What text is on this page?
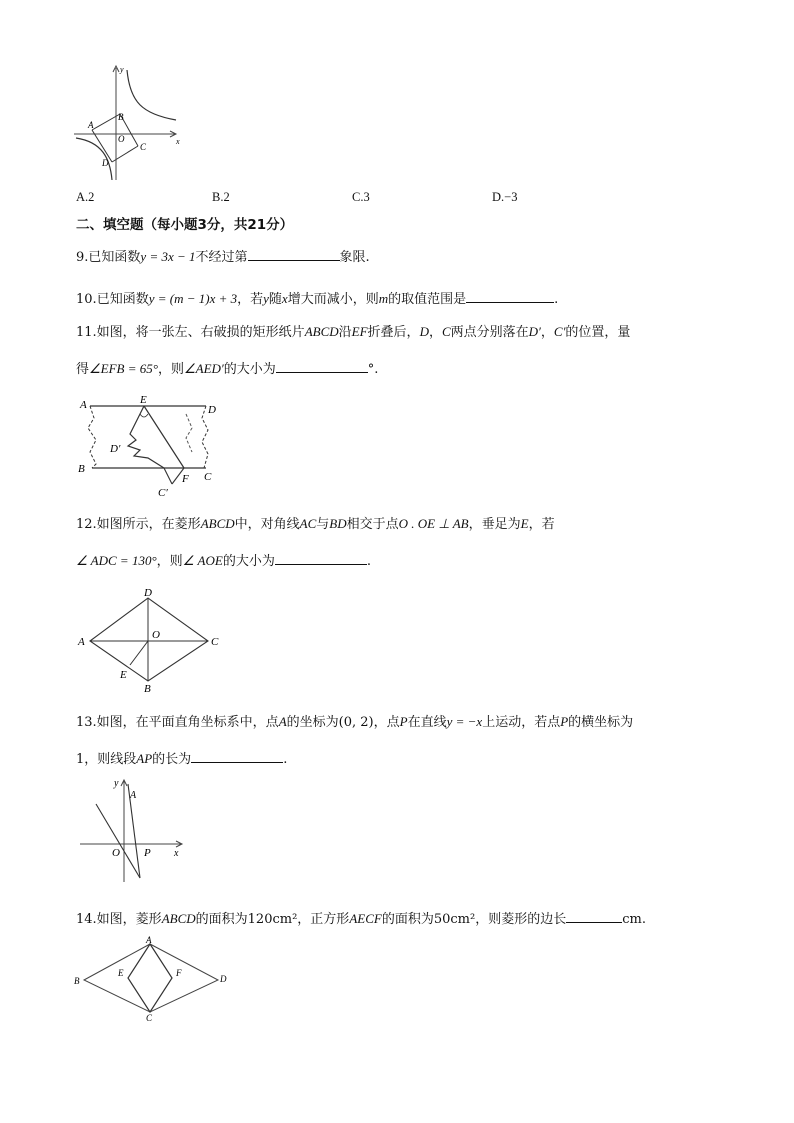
B
A
O
C
D
y
x
A.2	B.2	C.3	D.−3
二、填空题（每小题3分，共21分）
9.已知函数y = 3x − 1不经过第	象限.
10.已知函数y = (m − 1)x + 3，若y随x增大而减小，则m的取值范围是	.
11.如图，将一张左、右破损的矩形纸片ABCD沿EF折叠后，D，C两点分别落在D′，C′的位置，量
得∠EFB = 65°，则∠AED′的大小为	°.
A	E
D
D′
B
F C
C′
12.如图所示，在菱形ABCD中，对角线AC与BD相交于点O . OE ⊥ AB，垂足为E，若
∠ ADC = 130°，则∠ AOE的大小为	.
A
D
C
B
O
E
13.如图，在平面直角坐标系中，点A的坐标为(0, 2)，点P在直线y = −x上运动，若点P的横坐标为
1，则线段AP的长为	.
y
A
O P x
14.如图，菱形ABCD的面积为120cm²，正方形AECF的面积为50cm²，则菱形的边长	cm.
B
A
D
C
E	F
